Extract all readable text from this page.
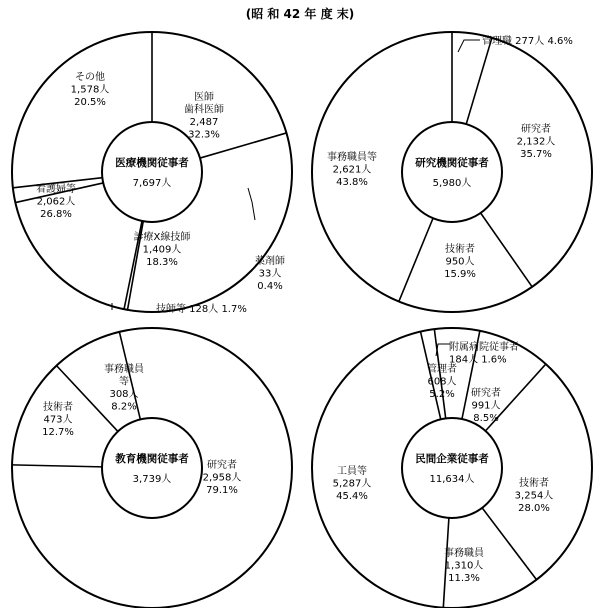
(昭 和 42 年 度 末)
医療機関従事者
7,697人
その他 1,578人 20.5%	医師歯科医師 2,487 32.3%
薬剤師 33人 0.4%
診療X線技師 1,409人 18.3%
技師等 128人 1.7%
看護婦等 2,062人 26.8%
研究機関従事者
5,980人
管理職 277人 4.6%
研究者 2,132人 35.7%
技術者 950人 15.9%
事務職員等 2,621人 43.8%
教育機関従事者
3,739人
事務職員等 308人 8.2%
研究者 2,958人 79.1%
技術者 473人 12.7%
民間企業従事者
11,634人
附属病院従事者 184人 1.6%
管理者 608人 5.2% 研究者 991人 8.5%
技術者 3,254人 28.0%
事務職員 1,310人 11.3%
工員等 5,287人 45.4%
